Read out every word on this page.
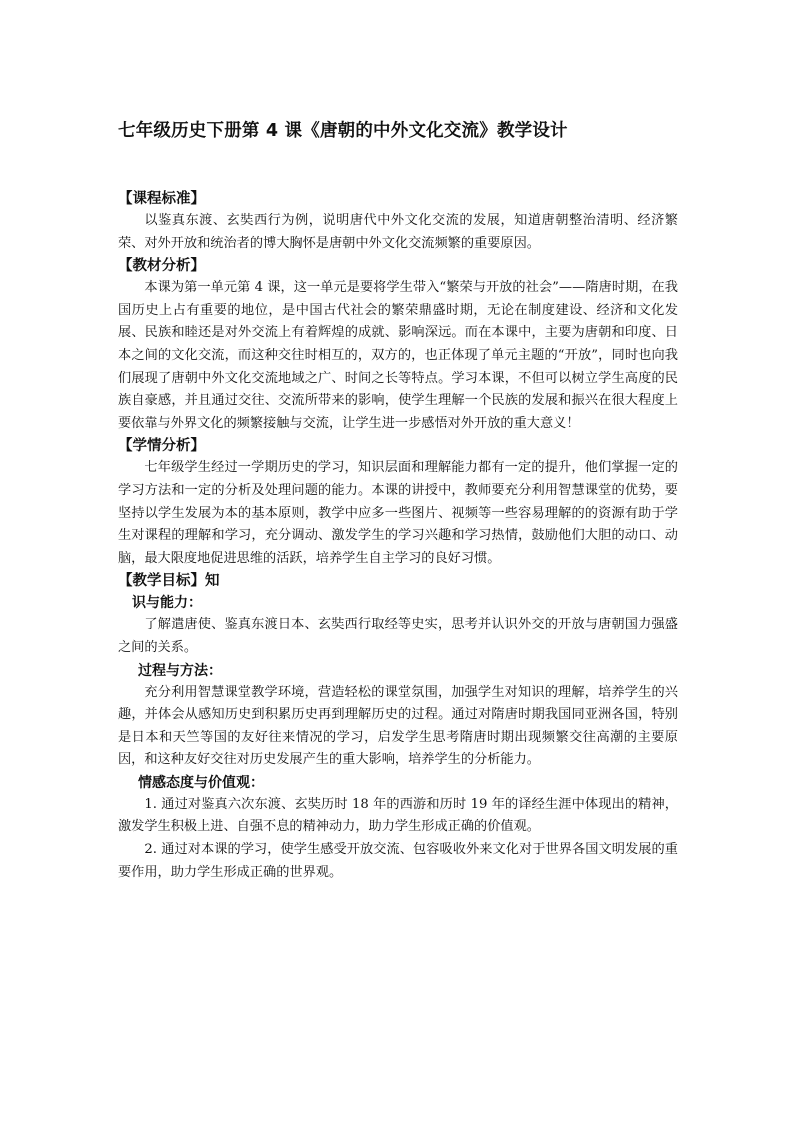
七年级历史下册第 4 课《唐朝的中外文化交流》教学设计
【课程标准】

以鉴真东渡、玄奘西行为例，说明唐代中外文化交流的发展，知道唐朝整治清明、经济繁荣、对外开放和统治者的博大胸怀是唐朝中外文化交流频繁的重要原因。

【教材分析】

本课为第一单元第 4 课，这一单元是要将学生带入“繁荣与开放的社会”——隋唐时期，在我国历史上占有重要的地位，是中国古代社会的繁荣鼎盛时期，无论在制度建设、经济和文化发展、民族和睦还是对外交流上有着辉煌的成就、影响深远。而在本课中，主要为唐朝和印度、日本之间的文化交流，而这种交往时相互的，双方的，也正体现了单元主题的“开放”，同时也向我们展现了唐朝中外文化交流地域之广、时间之长等特点。学习本课，不但可以树立学生高度的民族自豪感，并且通过交往、交流所带来的影响，使学生理解一个民族的发展和振兴在很大程度上要依靠与外界文化的频繁接触与交流，让学生进一步感悟对外开放的重大意义！

【学情分析】

七年级学生经过一学期历史的学习，知识层面和理解能力都有一定的提升，他们掌握一定的学习方法和一定的分析及处理问题的能力。本课的讲授中，教师要充分利用智慧课堂的优势，要坚持以学生发展为本的基本原则，教学中应多一些图片、视频等一些容易理解的的资源有助于学生对课程的理解和学习，充分调动、激发学生的学习兴趣和学习热情，鼓励他们大胆的动口、动脑，最大限度地促进思维的活跃，培养学生自主学习的良好习惯。

【教学目标】知
识与能力：

了解遣唐使、鉴真东渡日本、玄奘西行取经等史实，思考并认识外交的开放与唐朝国力强盛之间的关系。

过程与方法：

充分利用智慧课堂教学环境，营造轻松的课堂氛围，加强学生对知识的理解，培养学生的兴趣，并体会从感知历史到积累历史再到理解历史的过程。通过对隋唐时期我国同亚洲各国，特别是日本和天竺等国的友好往来情况的学习，启发学生思考隋唐时期出现频繁交往高潮的主要原因，和这种友好交往对历史发展产生的重大影响，培养学生的分析能力。

情感态度与价值观：

1. 通过对鉴真六次东渡、玄奘历时 18 年的西游和历时 19 年的译经生涯中体现出的精神，激发学生积极上进、自强不息的精神动力，助力学生形成正确的价值观。

2. 通过对本课的学习，使学生感受开放交流、包容吸收外来文化对于世界各国文明发展的重要作用，助力学生形成正确的世界观。
